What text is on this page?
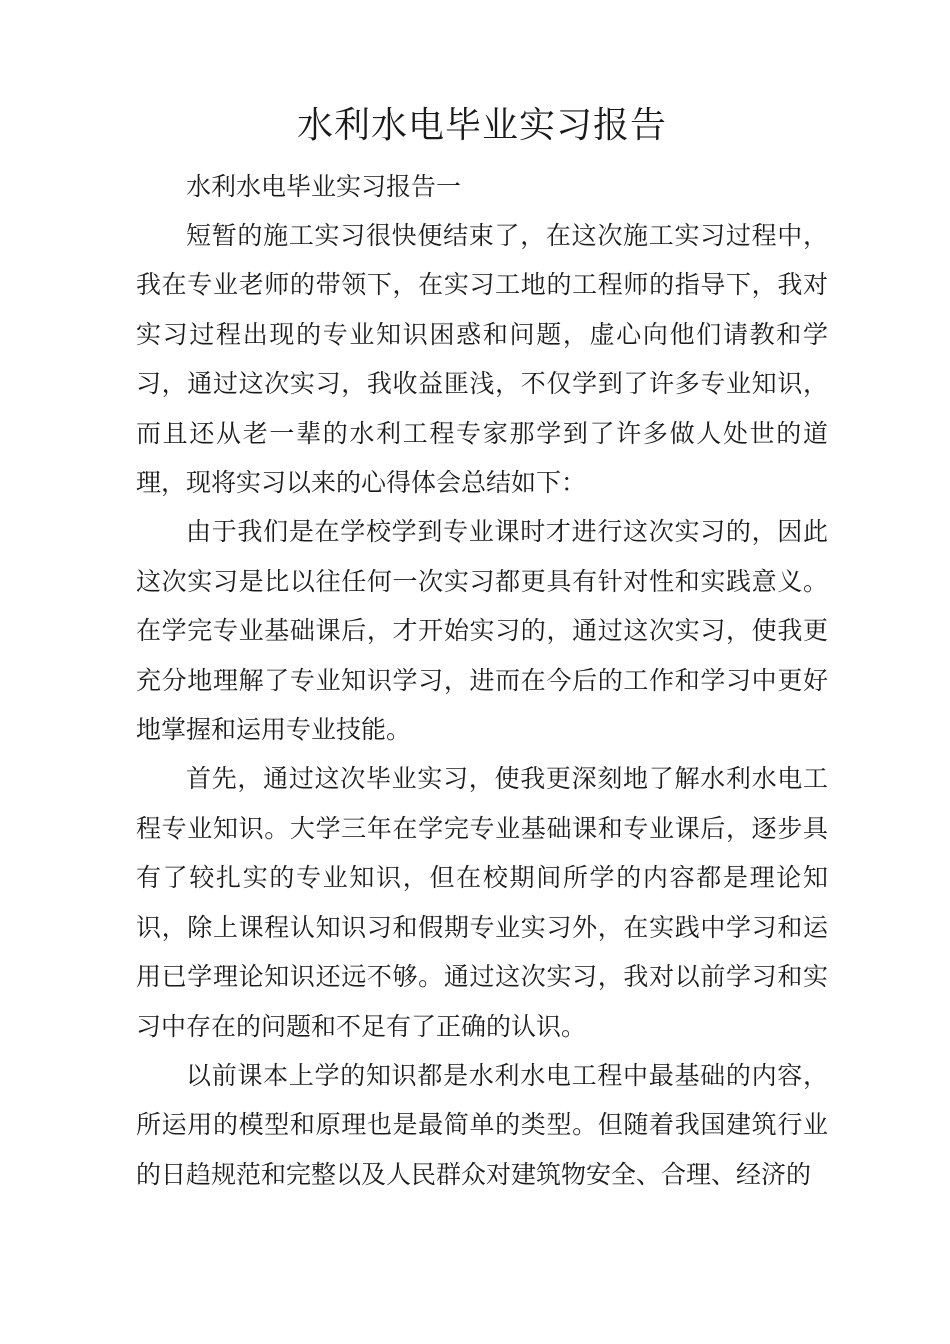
水利水电毕业实习报告

水利水电毕业实习报告一

短暂的施工实习很快便结束了，在这次施工实习过程中，我在专业老师的带领下，在实习工地的工程师的指导下，我对实习过程出现的专业知识困惑和问题，虚心向他们请教和学习，通过这次实习，我收益匪浅，不仅学到了许多专业知识，而且还从老一辈的水利工程专家那学到了许多做人处世的道理，现将实习以来的心得体会总结如下：

由于我们是在学校学到专业课时才进行这次实习的，因此这次实习是比以往任何一次实习都更具有针对性和实践意义。在学完专业基础课后，才开始实习的，通过这次实习，使我更充分地理解了专业知识学习，进而在今后的工作和学习中更好地掌握和运用专业技能。

首先，通过这次毕业实习，使我更深刻地了解水利水电工程专业知识。大学三年在学完专业基础课和专业课后，逐步具有了较扎实的专业知识，但在校期间所学的内容都是理论知识，除上课程认知识习和假期专业实习外，在实践中学习和运用已学理论知识还远不够。通过这次实习，我对以前学习和实习中存在的问题和不足有了正确的认识。

以前课本上学的知识都是水利水电工程中最基础的内容，所运用的模型和原理也是最简单的类型。但随着我国建筑行业的日趋规范和完整以及人民群众对建筑物安全、合理、经济的
